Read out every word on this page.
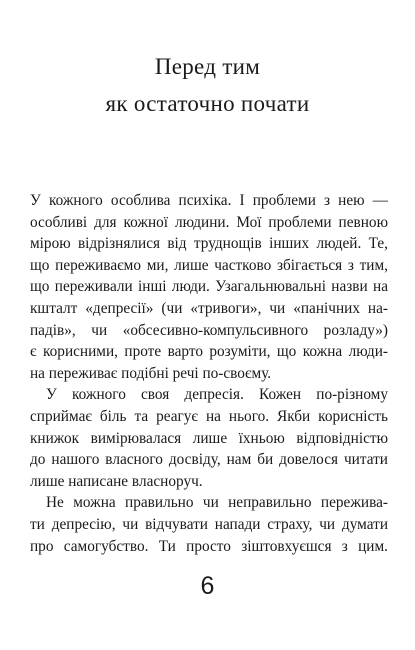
Перед тим
як остаточно почати
У кожного особлива психіка. І проблеми з нею —
особливі для кожної людини. Мої проблеми певною
мірою відрізнялися від труднощів інших людей. Те,
що переживаємо ми, лише частково збігається з тим,
що переживали інші люди. Узагальнювальні назви на
кшталт «депресії» (чи «тривоги», чи «панічних на-
падів», чи «обсесивно-компульсивного розладу»)
є корисними, проте варто розуміти, що кожна люди-
на переживає подібні речі по-своєму.
У кожного своя депресія. Кожен по-різному
сприймає біль та реагує на нього. Якби корисність
книжок вимірювалася лише їхньою відповідністю
до нашого власного досвіду, нам би довелося читати
лише написане власноруч.
Не можна правильно чи неправильно пережива-
ти депресію, чи відчувати напади страху, чи думати
про самогубство. Ти просто зіштовхуєшся з цим.
6
